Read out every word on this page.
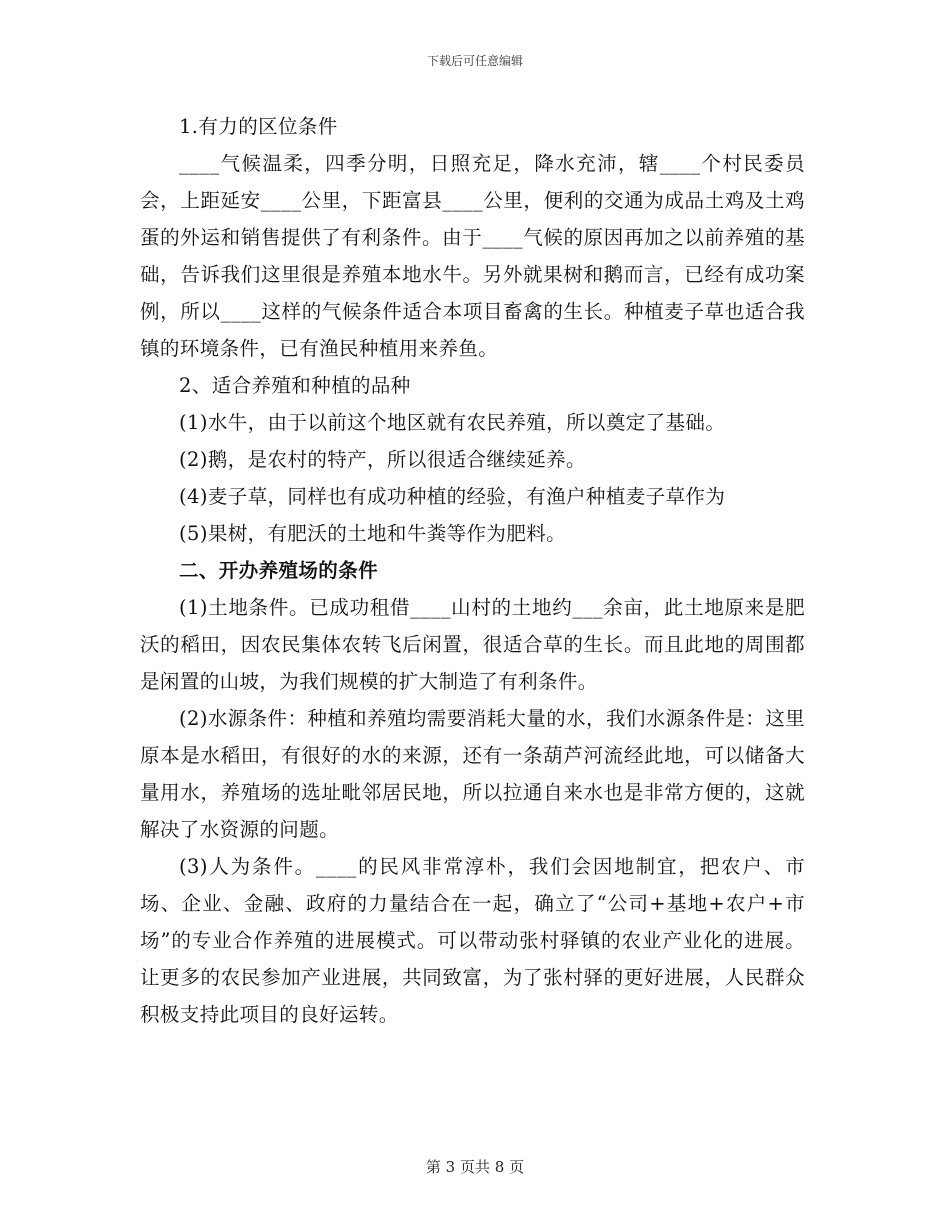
下载后可任意编辑

1.有力的区位条件

____气候温柔，四季分明，日照充足，降水充沛，辖____个村民委员会，上距延安____公里，下距富县____公里，便利的交通为成品土鸡及土鸡蛋的外运和销售提供了有利条件。由于____气候的原因再加之以前养殖的基础，告诉我们这里很是养殖本地水牛。另外就果树和鹅而言，已经有成功案例，所以____这样的气候条件适合本项目畜禽的生长。种植麦子草也适合我镇的环境条件，已有渔民种植用来养鱼。

2、适合养殖和种植的品种

(1)水牛，由于以前这个地区就有农民养殖，所以奠定了基础。

(2)鹅，是农村的特产，所以很适合继续延养。

(4)麦子草，同样也有成功种植的经验，有渔户种植麦子草作为

(5)果树，有肥沃的土地和牛粪等作为肥料。

二、开办养殖场的条件

(1)土地条件。已成功租借____山村的土地约___余亩，此土地原来是肥沃的稻田，因农民集体农转飞后闲置，很适合草的生长。而且此地的周围都是闲置的山坡，为我们规模的扩大制造了有利条件。

(2)水源条件：种植和养殖均需要消耗大量的水，我们水源条件是：这里原本是水稻田，有很好的水的来源，还有一条葫芦河流经此地，可以储备大量用水，养殖场的选址毗邻居民地，所以拉通自来水也是非常方便的，这就解决了水资源的问题。

(3)人为条件。____的民风非常淳朴，我们会因地制宜，把农户、市场、企业、金融、政府的力量结合在一起，确立了“公司+基地+农户+市场”的专业合作养殖的进展模式。可以带动张村驿镇的农业产业化的进展。让更多的农民参加产业进展，共同致富，为了张村驿的更好进展，人民群众积极支持此项目的良好运转。

第 3 页共 8 页
